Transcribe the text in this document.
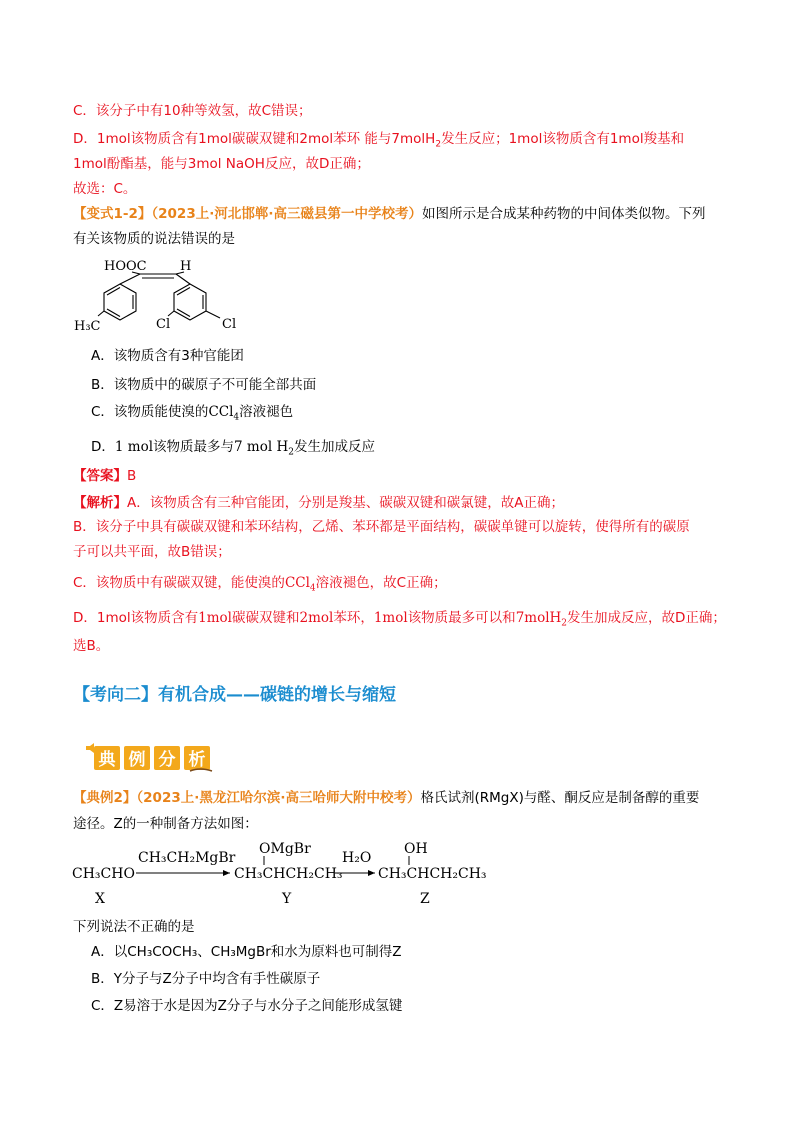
C．该分子中有10种等效氢，故C错误；
D．1mol该物质含有1mol碳碳双键和2mol苯环 能与7molH$_2$发生反应；1mol该物质含有1mol羧基和
1mol酚酯基，能与3mol NaOH反应，故D正确；
故选：C。
【变式1-2】（2023上·河北邯郸·高三磁县第一中学校考）如图所示是合成某种药物的中间体类似物。下列
有关该物质的说法错误的是
HOOC	H
H₃C	Cl	Cl
A．该物质含有3种官能团
B．该物质中的碳原子不可能全部共面
C．该物质能使溴的CCl$_4$溶液褪色
D．1 mol该物质最多与7 mol $H_2$发生加成反应
【答案】B
【解析】A．该物质含有三种官能团，分别是羧基、碳碳双键和碳氯键，故A正确；
B．该分子中具有碳碳双键和苯环结构，乙烯、苯环都是平面结构，碳碳单键可以旋转，使得所有的碳原
子可以共平面，故B错误；
C．该物质中有碳碳双键，能使溴的CCl$_4$溶液褪色，故C正确；
D．1mol该物质含有1mol碳碳双键和2mol苯环，1mol该物质最多可以和7molH$_2$发生加成反应，故D正确；
选B。
【考向二】有机合成——碳链的增长与缩短
典 例 分 析
【典例2】（2023上·黑龙江哈尔滨·高三哈师大附中校考）格氏试剂(RMgX)与醛、酮反应是制备醇的重要
途径。Z的一种制备方法如图：
CH₃CHO
CH₃CH₂MgBr
OMgBr
CH₃CHCH₂CH₃
H₂O
OH
CH₃CHCH₂CH₃
X	Y	Z
下列说法不正确的是
A．以CH₃COCH₃、CH₃MgBr和水为原料也可制得Z
B．Y分子与Z分子中均含有手性碳原子
C．Z易溶于水是因为Z分子与水分子之间能形成氢键
